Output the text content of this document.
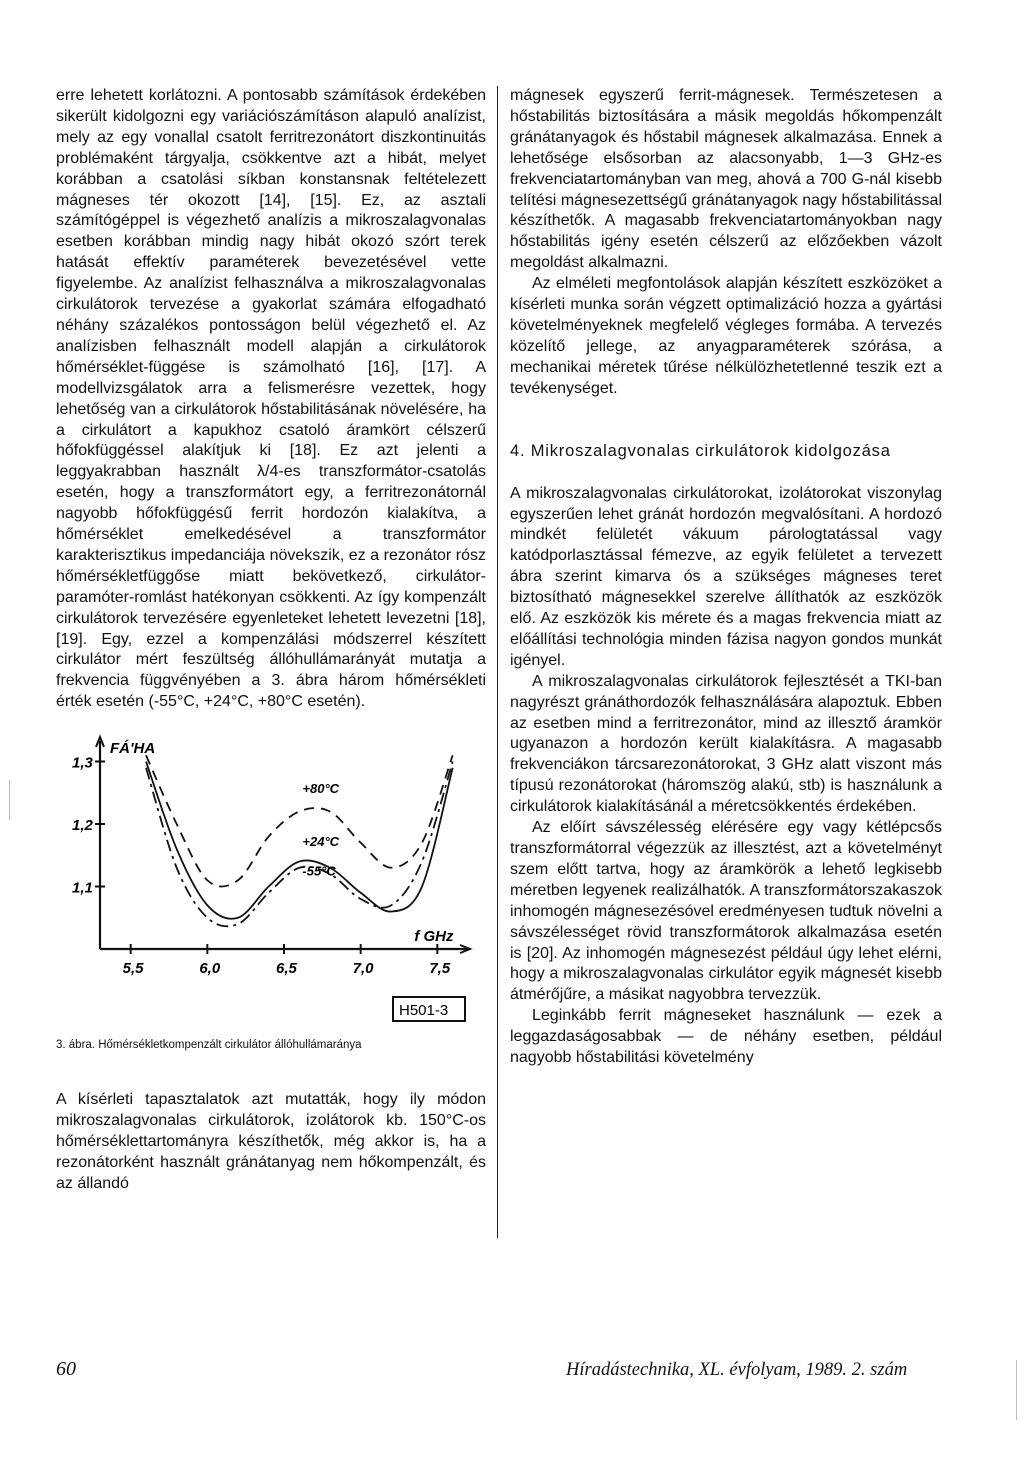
erre lehetett korlátozni. A pontosabb számítások érdekében sikerült kidolgozni egy variációszámításon alapuló analízist, mely az egy vonallal csatolt ferritrezonátort diszkontinuitás problémaként tárgyalja, csökkentve azt a hibát, melyet korábban a csatolási síkban konstansnak feltételezett mágneses tér okozott [14], [15]. Ez, az asztali számítógéppel is végezhető analízis a mikroszalagvonalas esetben korábban mindig nagy hibát okozó szórt terek hatását effektív paraméterek bevezetésével vette figyelembe. Az analízist felhasználva a mikroszalagvonalas cirkulátorok tervezése a gyakorlat számára elfogadható néhány százalékos pontosságon belül végezhető el. Az analízisben felhasznált modell alapján a cirkulátorok hőmérséklet-függése is számolható [16], [17]. A modellvizsgálatok arra a felismerésre vezettek, hogy lehetőség van a cirkulátorok hőstabilitásának növelésére, ha a cirkulátort a kapukhoz csatoló áramkört célszerű hőfokfüggéssel alakítjuk ki [18]. Ez azt jelenti a leggyakrabban használt λ/4-es transzformátor-csatolás esetén, hogy a transzformátort egy, a ferritrezonátornál nagyobb hőfokfüggésű ferrit hordozón kialakítva, a hőmérséklet emelkedésével a transzformátor karakterisztikus impedanciája növekszik, ez a rezonátor rósz hőmérsékletfüggőse miatt bekövetkező, cirkulátor-paramóter-romlást hatékonyan csökkenti. Az így kompenzált cirkulátorok tervezésére egyenleteket lehetett levezetni [18], [19]. Egy, ezzel a kompenzálási módszerrel készített cirkulátor mért feszültség állóhullámarányát mutatja a frekvencia függvényében a 3. ábra három hőmérsékleti érték esetén (-55°C, +24°C, +80°C esetén).

5,5	6,0	6,5	7,0	7,5
1,1
1,2
1,3
FÁ'HA
f GHz
+80°C
+24°C
-55°C
H501-3
3. ábra. Hőmérsékletkompenzált cirkulátor állóhullámaránya

A kísérleti tapasztalatok azt mutatták, hogy ily módon mikroszalagvonalas cirkulátorok, izolátorok kb. 150°C-os hőmérséklettartományra készíthetők, még akkor is, ha a rezonátorként használt gránátanyag nem hőkompenzált, és az állandó

mágnesek egyszerű ferrit-mágnesek. Természetesen a hőstabilitás biztosítására a másik megoldás hőkompenzált gránátanyagok és hőstabil mágnesek alkalmazása. Ennek a lehetősége elsősorban az alacsonyabb, 1—3 GHz-es frekvenciatartományban van meg, ahová a 700 G-nál kisebb telítési mágnesezettségű gránátanyagok nagy hőstabilitással készíthetők. A magasabb frekvenciatartományokban nagy hőstabilitás igény esetén célszerű az előzőekben vázolt megoldást alkalmazni.

Az elméleti megfontolások alapján készített eszközöket a kísérleti munka során végzett optimalizáció hozza a gyártási követelményeknek megfelelő végleges formába. A tervezés közelítő jellege, az anyagparaméterek szórása, a mechanikai méretek tűrése nélkülözhetetlenné teszik ezt a tevékenységet.

4. Mikroszalagvonalas cirkulátorok kidolgozása

A mikroszalagvonalas cirkulátorokat, izolátorokat viszonylag egyszerűen lehet gránát hordozón megvalósítani. A hordozó mindkét felületét vákuum párologtatással vagy katódporlasztással fémezve, az egyik felületet a tervezett ábra szerint kimarva ós a szükséges mágneses teret biztosítható mágnesekkel szerelve állíthatók az eszközök elő. Az eszközök kis mérete és a magas frekvencia miatt az előállítási technológia minden fázisa nagyon gondos munkát igényel.

A mikroszalagvonalas cirkulátorok fejlesztését a TKI-ban nagyrészt gránáthordozók felhasználására alapoztuk. Ebben az esetben mind a ferritrezonátor, mind az illesztő áramkör ugyanazon a hordozón került kialakításra. A magasabb frekvenciákon tárcsarezonátorokat, 3 GHz alatt viszont más típusú rezonátorokat (háromszög alakú, stb) is használunk a cirkulátorok kialakításánál a méretcsökkentés érdekében.

Az előírt sávszélesség elérésére egy vagy kétlépcsős transzformátorral végezzük az illesztést, azt a követelményt szem előtt tartva, hogy az áramkörök a lehető legkisebb méretben legyenek realizálhatók. A transzformátorszakaszok inhomogén mágnesezésóvel eredményesen tudtuk növelni a sávszélességet rövid transzformátorok alkalmazása esetén is [20]. Az inhomogén mágnesezést például úgy lehet elérni, hogy a mikroszalagvonalas cirkulátor egyik mágnesét kisebb átmérőjűre, a másikat nagyobbra tervezzük.

Leginkább ferrit mágneseket használunk — ezek a leggazdaságosabbak — de néhány esetben, például nagyobb hőstabilitási követelmény

60	Híradástechnika, XL. évfolyam, 1989. 2. szám
